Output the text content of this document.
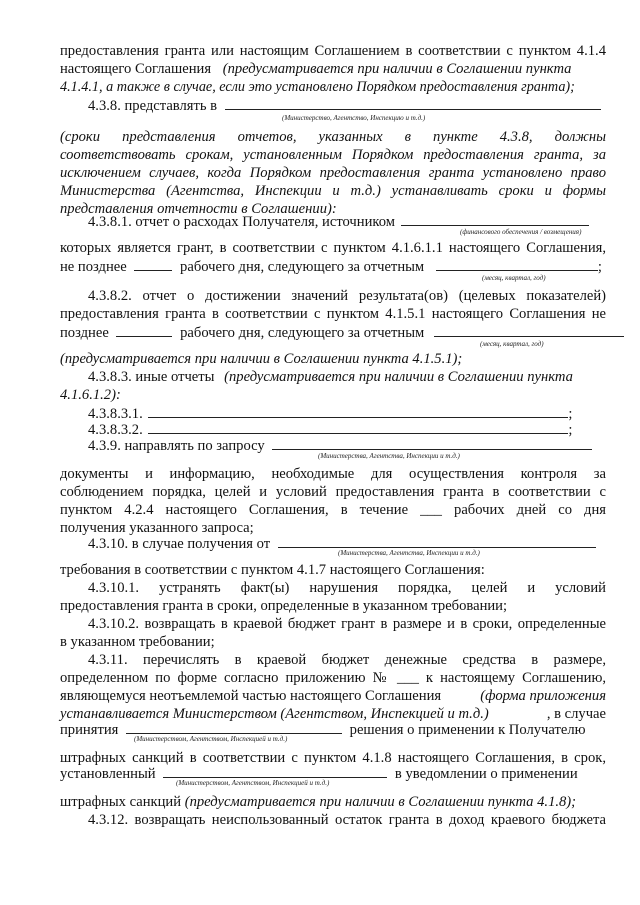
предоставления гранта или настоящим Соглашением в соответствии с пунктом 4.1.4
настоящего Соглашения (предусматривается при наличии в Соглашении пункта
4.1.4.1, а также в случае, если это установлено Порядком предоставления гранта);
4.3.8. представлять в
(Министерство, Агентство, Инспекцию и т.д.)
(сроки представления отчетов, указанных в пункте 4.3.8, должны
соответствовать срокам, установленным Порядком предоставления гранта, за
исключением случаев, когда Порядком предоставления гранта установлено право
Министерства (Агентства, Инспекции и т.д.) устанавливать сроки и формы
представления отчетности в Соглашении):
4.3.8.1. отчет о расходах Получателя, источником
(финансового обеспечения / возмещения)
которых является грант, в соответствии с пунктом 4.1.6.1.1 настоящего Соглашения,
не позднее	рабочего дня, следующего за отчетным	;
(месяц, квартал, год)
4.3.8.2. отчет о достижении значений результата(ов) (целевых показателей)
предоставления гранта в соответствии с пунктом 4.1.5.1 настоящего Соглашения не
позднее	рабочего дня, следующего за отчетным
(месяц, квартал, год)
(предусматривается при наличии в Соглашении пункта 4.1.5.1);
4.3.8.3. иные отчеты (предусматривается при наличии в Соглашении пункта
4.1.6.1.2):
4.3.8.3.1.	;
4.3.8.3.2.	;
4.3.9. направлять по запросу
(Министерства, Агентства, Инспекции и т.д.)
документы и информацию, необходимые для осуществления контроля за
соблюдением порядка, целей и условий предоставления гранта в соответствии с
пунктом 4.2.4 настоящего Соглашения, в течение ___ рабочих дней со дня
получения указанного запроса;
4.3.10. в случае получения от
(Министерства, Агентства, Инспекции и т.д.)
требования в соответствии с пунктом 4.1.7 настоящего Соглашения:
4.3.10.1. устранять факт(ы) нарушения порядка, целей и условий
предоставления гранта в сроки, определенные в указанном требовании;
4.3.10.2. возвращать в краевой бюджет грант в размере и в сроки, определенные
в указанном требовании;
4.3.11. перечислять в краевой бюджет денежные средства в размере,
определенном по форме согласно приложению № ___ к настоящему Соглашению,
являющемуся неотъемлемой частью настоящего Соглашения	(форма приложения
устанавливается Министерством (Агентством, Инспекцией и т.д.)	, в случае
принятия	решения о применении к Получателю
(Министерством, Агентством, Инспекцией и т.д.)
штрафных санкций в соответствии с пунктом 4.1.8 настоящего Соглашения, в срок,
установленный	в уведомлении о применении
(Министерством, Агентством, Инспекцией и т.д.)
штрафных санкций (предусматривается при наличии в Соглашении пункта 4.1.8);
4.3.12. возвращать неиспользованный остаток гранта в доход краевого бюджета
